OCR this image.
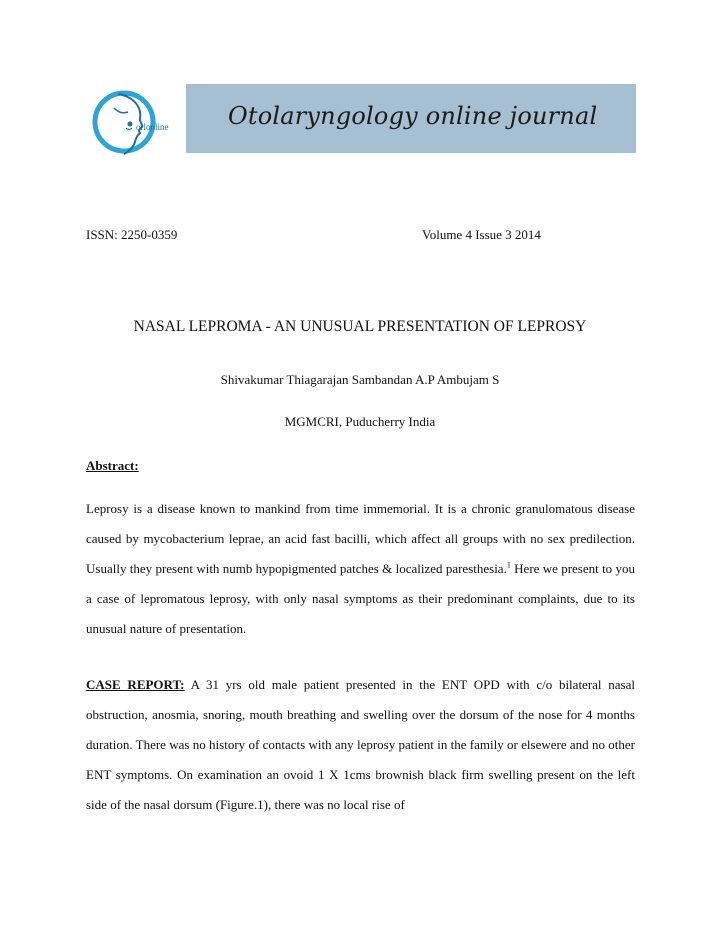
orlonline Otolaryngology online journal
ISSN: 2250-0359	Volume 4 Issue 3 2014
NASAL LEPROMA - AN UNUSUAL PRESENTATION OF LEPROSY
Shivakumar Thiagarajan Sambandan A.P Ambujam S
MGMCRI, Puducherry India
Abstract:
Leprosy is a disease known to mankind from time immemorial. It is a chronic granulomatous disease caused by mycobacterium leprae, an acid fast bacilli, which affect all groups with no sex predilection. Usually they present with numb hypopigmented patches & localized paresthesia.$^1$ Here we present to you a case of lepromatous leprosy, with only nasal symptoms as their predominant complaints, due to its unusual nature of presentation.
CASE REPORT: A 31 yrs old male patient presented in the ENT OPD with c/o bilateral nasal obstruction, anosmia, snoring, mouth breathing and swelling over the dorsum of the nose for 4 months duration. There was no history of contacts with any leprosy patient in the family or elsewere and no other ENT symptoms. On examination an ovoid 1 X 1cms brownish black firm swelling present on the left side of the nasal dorsum (Figure.1), there was no local rise of
